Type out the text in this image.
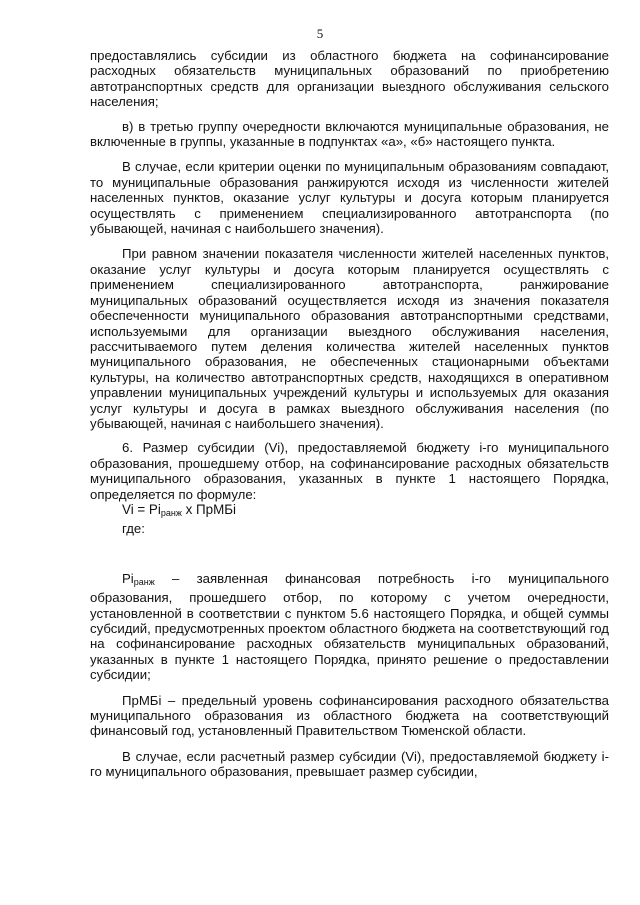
5

предоставлялись субсидии из областного бюджета на софинансирование расходных обязательств муниципальных образований по приобретению автотранспортных средств для организации выездного обслуживания сельского населения;

в) в третью группу очередности включаются муниципальные образования, не включенные в группы, указанные в подпунктах «а», «б» настоящего пункта.

В случае, если критерии оценки по муниципальным образованиям совпадают, то муниципальные образования ранжируются исходя из численности жителей населенных пунктов, оказание услуг культуры и досуга которым планируется осуществлять с применением специализированного автотранспорта (по убывающей, начиная с наибольшего значения).

При равном значении показателя численности жителей населенных пунктов, оказание услуг культуры и досуга которым планируется осуществлять с применением специализированного автотранспорта, ранжирование муниципальных образований осуществляется исходя из значения показателя обеспеченности муниципального образования автотранспортными средствами, используемыми для организации выездного обслуживания населения, рассчитываемого путем деления количества жителей населенных пунктов муниципального образования, не обеспеченных стационарными объектами культуры, на количество автотранспортных средств, находящихся в оперативном управлении муниципальных учреждений культуры и используемых для оказания услуг культуры и досуга в рамках выездного обслуживания населения (по убывающей, начиная с наибольшего значения).

6. Размер субсидии (Vi), предоставляемой бюджету i-го муниципального образования, прошедшему отбор, на софинансирование расходных обязательств муниципального образования, указанных в пункте 1 настоящего Порядка, определяется по формуле:

$Vi = Pi_{ранж}$ x ПрМБi

где:

$Pi_{ранж}$ – заявленная финансовая потребность i-го муниципального образования, прошедшего отбор, по которому с учетом очередности, установленной в соответствии с пунктом 5.6 настоящего Порядка, и общей суммы субсидий, предусмотренных проектом областного бюджета на соответствующий год на софинансирование расходных обязательств муниципальных образований, указанных в пункте 1 настоящего Порядка, принято решение о предоставлении субсидии;

ПрМБi – предельный уровень софинансирования расходного обязательства муниципального образования из областного бюджета на соответствующий финансовый год, установленный Правительством Тюменской области.

В случае, если расчетный размер субсидии (Vi), предоставляемой бюджету i-го муниципального образования, превышает размер субсидии,
